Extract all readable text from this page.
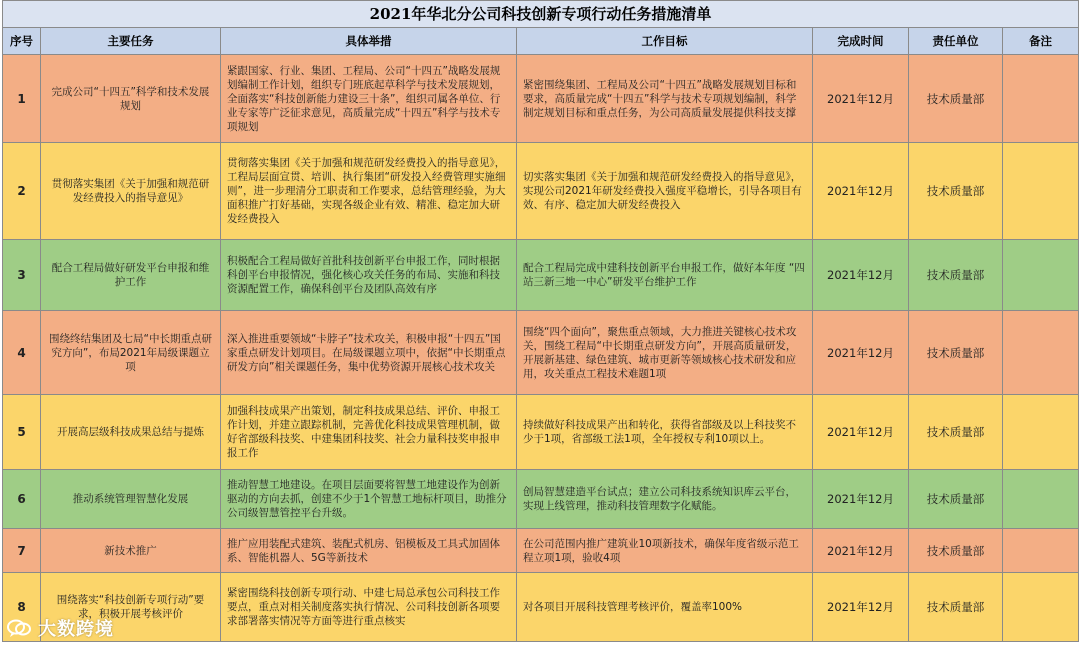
2021年华北分公司科技创新专项行动任务措施清单						
序号	主要任务	具体举措	工作目标	完成时间	责任单位	备注
1	完成公司“十四五”科学和技术发展规划	紧跟国家、行业、集团、工程局、公司“十四五”战略发展规划编制工作计划，组织专门班底起草科学与技术发展规划，全面落实“科技创新能力建设三十条”，组织司属各单位、行业专家等广泛征求意见，高质量完成“十四五”科学与技术专项规划	紧密围绕集团、工程局及公司“十四五”战略发展规划目标和要求，高质量完成“十四五”科学与技术专项规划编制，科学制定规划目标和重点任务，为公司高质量发展提供科技支撑	2021年12月	技术质量部	
2	贯彻落实集团《关于加强和规范研发经费投入的指导意见》	贯彻落实集团《关于加强和规范研发经费投入的指导意见》，工程局层面宣贯、培训、执行集团“研发投入经费管理实施细则”，进一步理清分工职责和工作要求，总结管理经验，为大面积推广打好基础，实现各级企业有效、精准、稳定加大研发经费投入	切实落实集团《关于加强和规范研发经费投入的指导意见》，实现公司2021年研发经费投入强度平稳增长，引导各项目有效、有序、稳定加大研发经费投入	2021年12月	技术质量部	
3	配合工程局做好研发平台申报和维护工作	积极配合工程局做好首批科技创新平台申报工作，同时根据科创平台申报情况，强化核心攻关任务的布局、实施和科技资源配置工作，确保科创平台及团队高效有序	配合工程局完成中建科技创新平台申报工作，做好本年度 “四站三新三地一中心”研发平台维护工作	2021年12月	技术质量部	
4	围绕终结集团及七局“中长期重点研究方向”，布局2021年局级课题立项	深入推进重要领域“卡脖子”技术攻关，积极申报“十四五”国家重点研发计划项目。在局级课题立项中，依据“中长期重点研发方向”相关课题任务，集中优势资源开展核心技术攻关	围绕“四个面向”，聚焦重点领域，大力推进关键核心技术攻关，围绕工程局“中长期重点研发方向”，开展高质量研发，开展新基建、绿色建筑、城市更新等领域核心技术研发和应用，攻关重点工程技术难题1项	2021年12月	技术质量部	
5	开展高层级科技成果总结与提炼	加强科技成果产出策划，制定科技成果总结、评价、申报工作计划，并建立跟踪机制，完善优化科技成果管理机制，做好省部级科技奖、中建集团科技奖、社会力量科技奖申报申报工作	持续做好科技成果产出和转化，获得省部级及以上科技奖不少于1项，省部级工法1项，全年授权专利10项以上。	2021年12月	技术质量部	
6	推动系统管理智慧化发展	推动智慧工地建设。在项目层面要将智慧工地建设作为创新驱动的方向去抓，创建不少于1个智慧工地标杆项目，助推分公司级智慧管控平台升级。	创局智慧建造平台试点；建立公司科技系统知识库云平台，实现上线管理，推动科技管理数字化赋能。	2021年12月	技术质量部	
7	新技术推广	推广应用装配式建筑、装配式机房、铝模板及工具式加固体系、智能机器人、5G等新技术	在公司范围内推广建筑业10项新技术，确保年度省级示范工程立项1项，验收4项	2021年12月	技术质量部	
8	围绕落实“科技创新专项行动”要求，积极开展考核评价	紧密围绕科技创新专项行动、中建七局总承包公司科技工作要点，重点对相关制度落实执行情况、公司科技创新各项要求部署落实情况等方面等进行重点核实	对各项目开展科技管理考核评价，覆盖率100%	2021年12月	技术质量部	
大数跨境
